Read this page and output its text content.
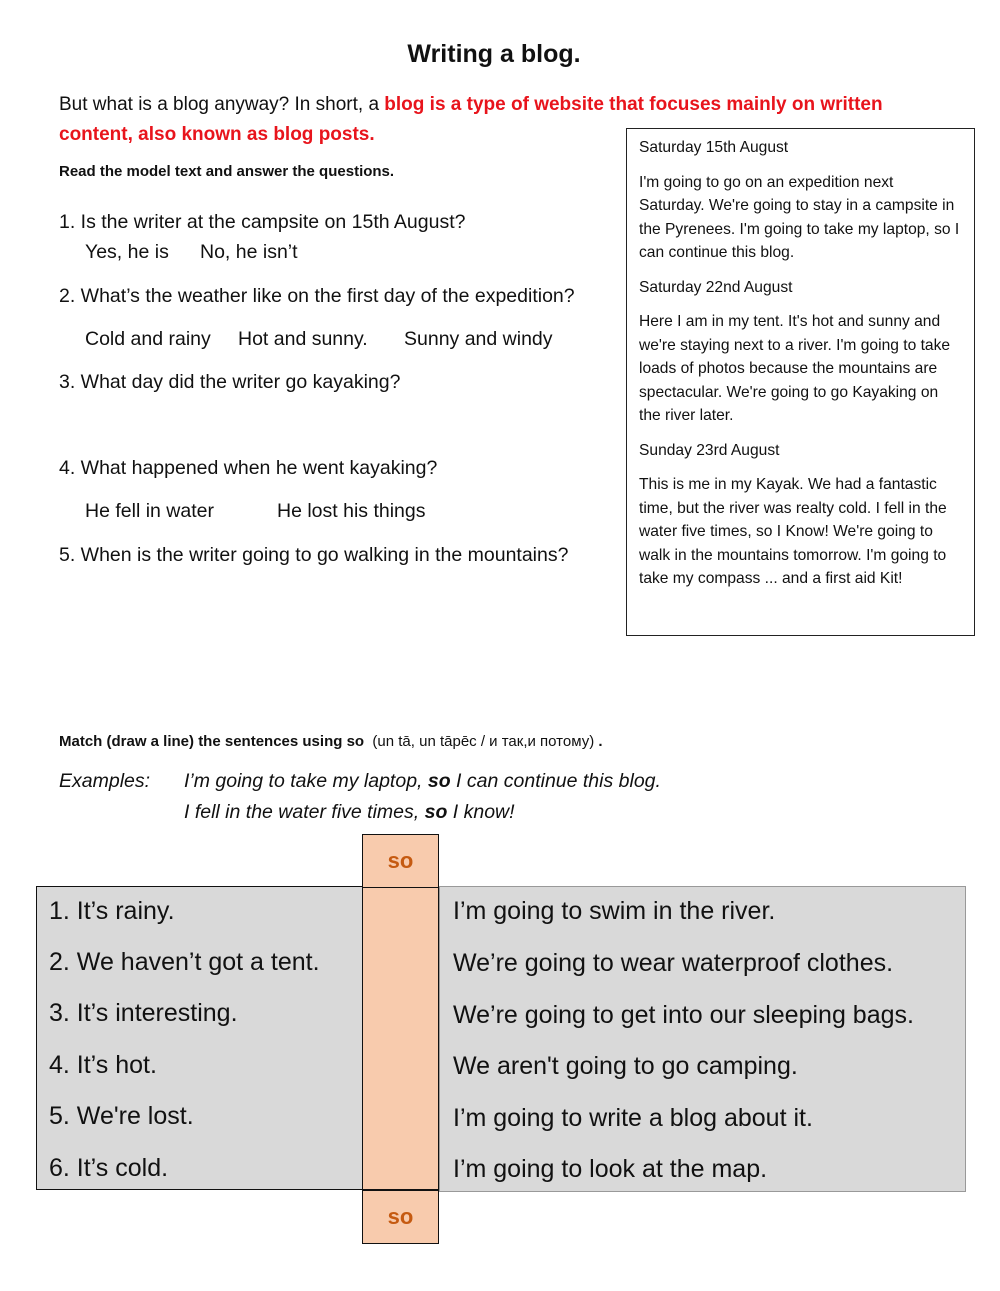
Writing a blog.
But what is a blog anyway? In short, a blog is a type of website that focuses mainly on written content, also known as blog posts.
Read the model text and answer the questions.
1. Is the writer at the campsite on 15th August?
Yes, he is No, he isn’t
2. What’s the weather like on the first day of the expedition?
Cold and rainy Hot and sunny. Sunny and windy
3. What day did the writer go kayaking?
4. What happened when he went kayaking?
He fell in water	He lost his things
5. When is the writer going to go walking in the mountains?

Saturday 15th August

I'm going to go on an expedition next Saturday. We're going to stay in a campsite in the Pyrenees. I'm going to take my laptop, so I can continue this blog.

Saturday 22nd August

Here I am in my tent. It's hot and sunny and we're staying next to a river. I'm going to take loads of photos because the mountains are spectacular. We're going to go Kayaking on the river later.

Sunday 23rd August

This is me in my Kayak. We had a fantastic time, but the river was realty cold. I fell in the water five times, so I Know! We're going to walk in the mountains tomorrow. I'm going to take my compass ... and a first aid Kit!

Match (draw a line) the sentences using so (un tā, un tāpēc / и так,и потому) .
Examples: I’m going to take my laptop, so I can continue this blog.
I fell in the water five times, so I know!
so
so
1. It’s rainy.
2. We haven’t got a tent.
3. It’s interesting.
4. It’s hot.
5. We're lost.
6. It’s cold.
I’m going to swim in the river.
We’re going to wear waterproof clothes.
We’re going to get into our sleeping bags.
We aren't going to go camping.
I’m going to write a blog about it.
I’m going to look at the map.
